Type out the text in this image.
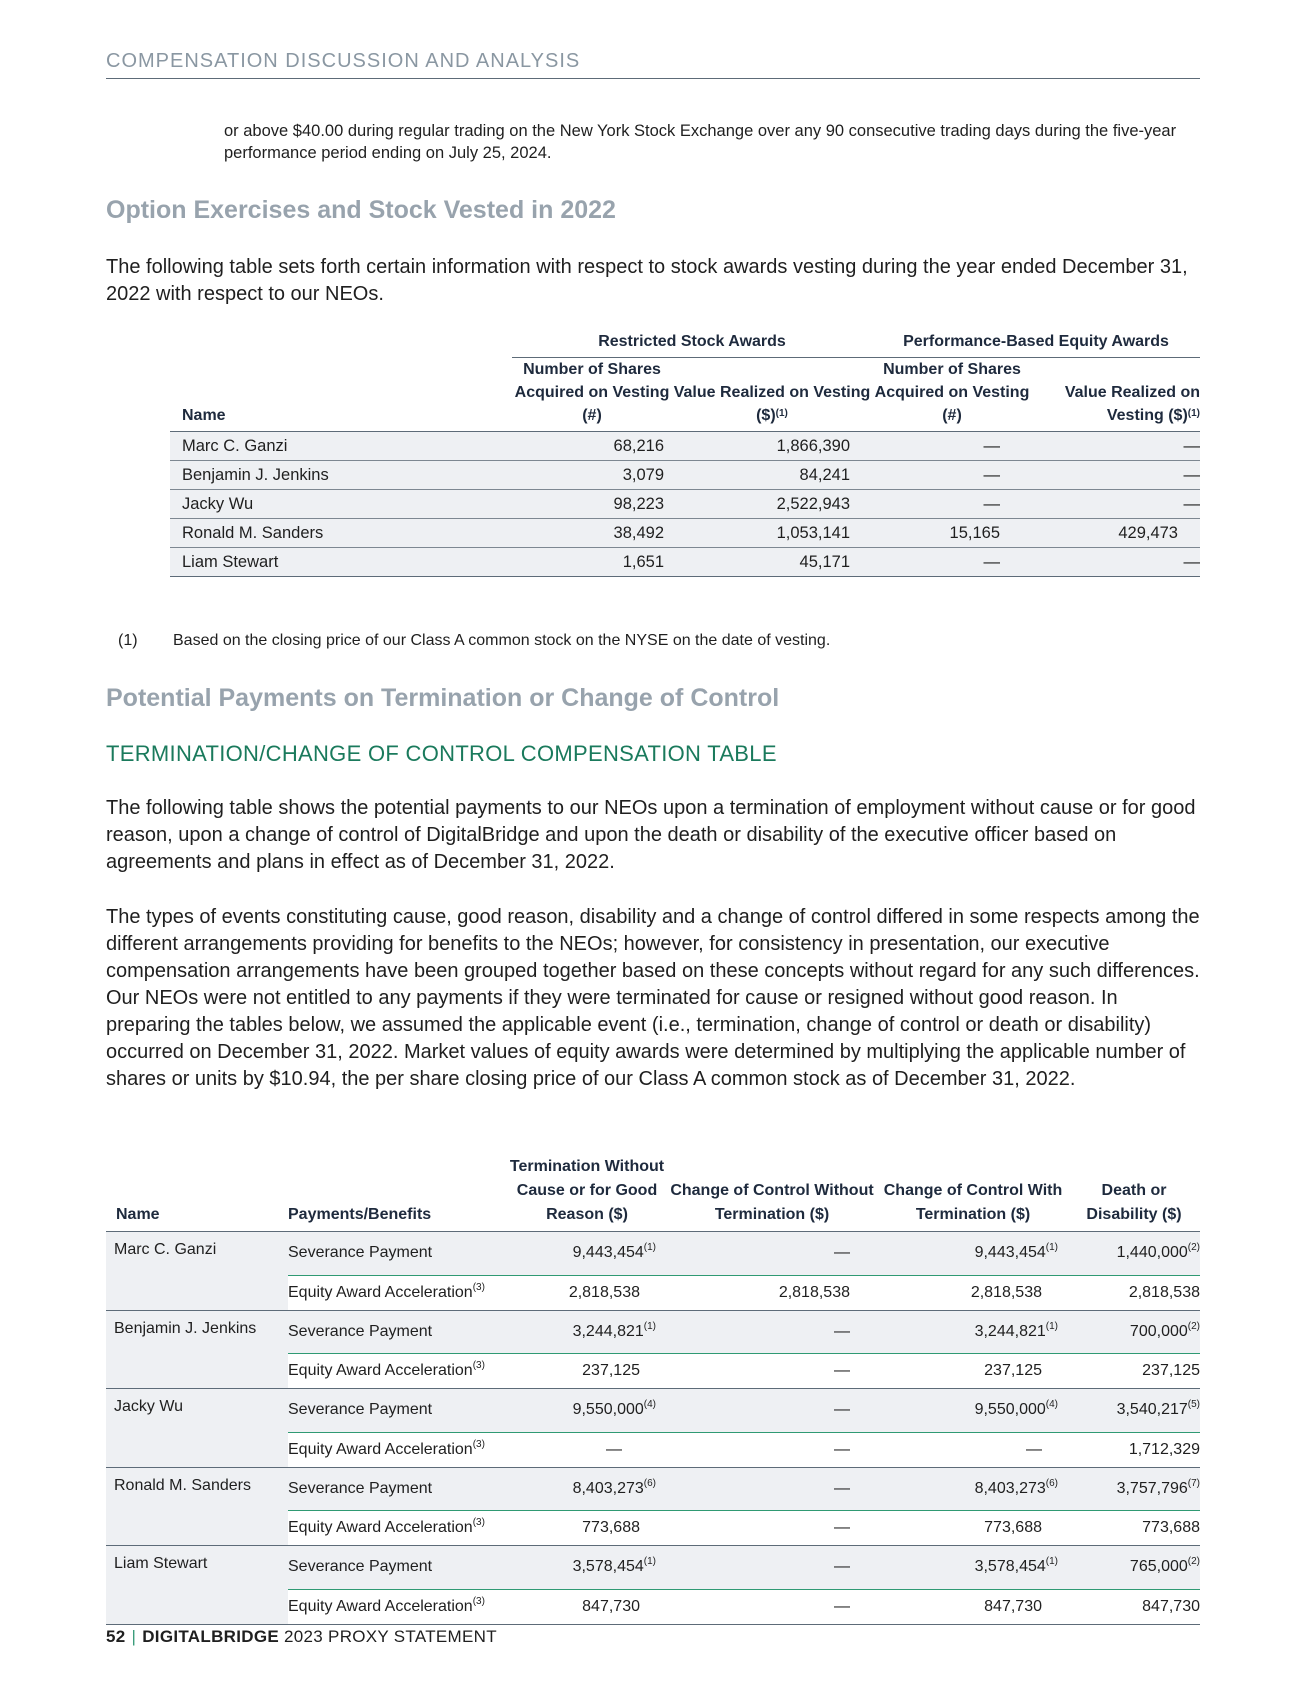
COMPENSATION DISCUSSION AND ANALYSIS
or above $40.00 during regular trading on the New York Stock Exchange over any 90 consecutive trading days during the five-year performance period ending on July 25, 2024.
Option Exercises and Stock Vested in 2022
The following table sets forth certain information with respect to stock awards vesting during the year ended December 31, 2022 with respect to our NEOs.
	Restricted Stock Awards		Performance-Based Equity Awards	
Name	Number of Shares Acquired on Vesting (#)	Value Realized on Vesting ($)$^{(1)}$	Number of Shares Acquired on Vesting (#)	Value Realized on Vesting ($)$^{(1)}$
Marc C. Ganzi	68,216	1,866,390	—	—
Benjamin J. Jenkins	3,079	84,241	—	—
Jacky Wu	98,223	2,522,943	—	—
Ronald M. Sanders	38,492	1,053,141	15,165	429,473
Liam Stewart	1,651	45,171	—	—
(1) Based on the closing price of our Class A common stock on the NYSE on the date of vesting.
Potential Payments on Termination or Change of Control
TERMINATION/CHANGE OF CONTROL COMPENSATION TABLE
The following table shows the potential payments to our NEOs upon a termination of employment without cause or for good reason, upon a change of control of DigitalBridge and upon the death or disability of the executive officer based on agreements and plans in effect as of December 31, 2022.
The types of events constituting cause, good reason, disability and a change of control differed in some respects among the different arrangements providing for benefits to the NEOs; however, for consistency in presentation, our executive compensation arrangements have been grouped together based on these concepts without regard for any such differences. Our NEOs were not entitled to any payments if they were terminated for cause or resigned without good reason. In preparing the tables below, we assumed the applicable event (i.e., termination, change of control or death or disability) occurred on December 31, 2022. Market values of equity awards were determined by multiplying the applicable number of shares or units by $10.94, the per share closing price of our Class A common stock as of December 31, 2022.
Name	Payments/Benefits	Termination Without Cause or for Good Reason ($)	Change of Control Without Termination ($)	Change of Control With Termination ($)	Death or Disability ($)
Marc C. Ganzi	Severance Payment	9,443,454$^{(1)}$	—	9,443,454$^{(1)}$	1,440,000$^{(2)}$
	Equity Award Acceleration$^{(3)}$	2,818,538	2,818,538	2,818,538	2,818,538
Benjamin J. Jenkins	Severance Payment	3,244,821$^{(1)}$	—	3,244,821$^{(1)}$	700,000$^{(2)}$
	Equity Award Acceleration$^{(3)}$	237,125	—	237,125	237,125
Jacky Wu	Severance Payment	9,550,000$^{(4)}$	—	9,550,000$^{(4)}$	3,540,217$^{(5)}$
	Equity Award Acceleration$^{(3)}$	—	—	—	1,712,329
Ronald M. Sanders	Severance Payment	8,403,273$^{(6)}$	—	8,403,273$^{(6)}$	3,757,796$^{(7)}$
	Equity Award Acceleration$^{(3)}$	773,688	—	773,688	773,688
Liam Stewart	Severance Payment	3,578,454$^{(1)}$	—	3,578,454$^{(1)}$	765,000$^{(2)}$
	Equity Award Acceleration$^{(3)}$	847,730	—	847,730	847,730
52 | DIGITALBRIDGE 2023 PROXY STATEMENT
